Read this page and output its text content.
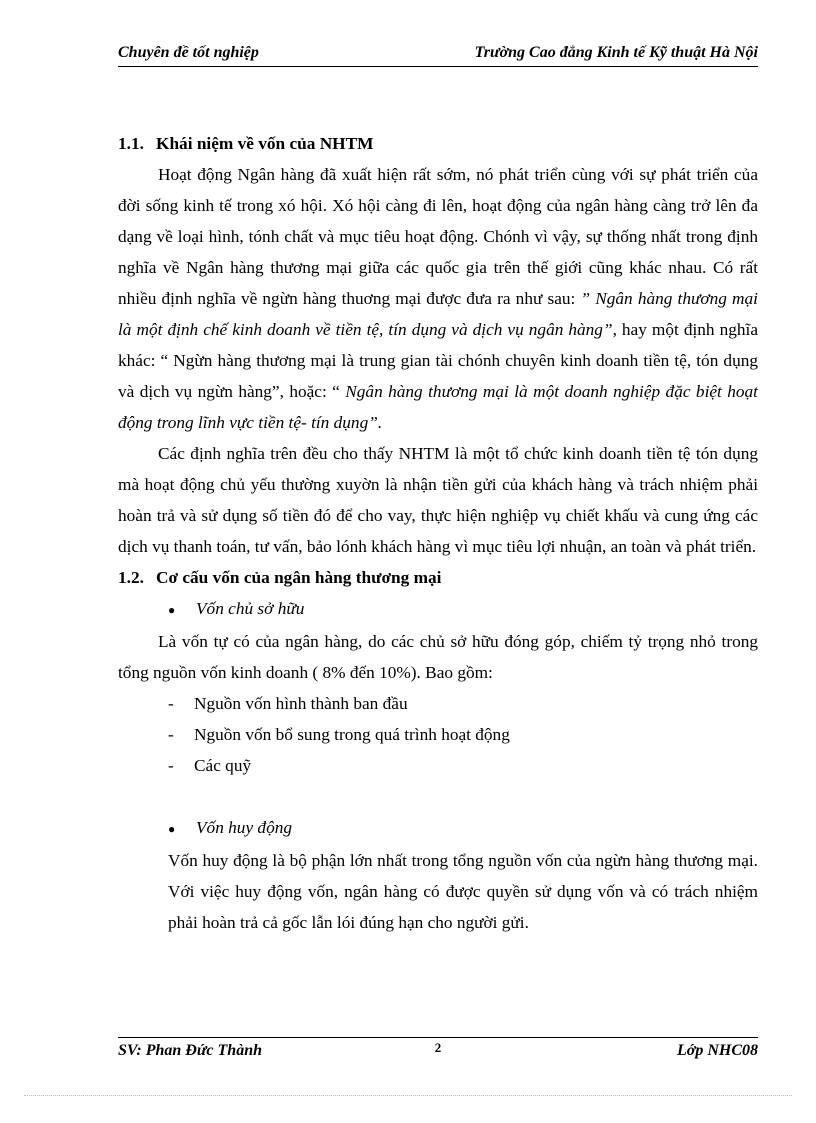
Chuyên đề tốt nghiệp	Trường Cao đẳng Kinh tế Kỹ thuật Hà Nội
1.1. Khái niệm về vốn của NHTM

Hoạt động Ngân hàng đã xuất hiện rất sớm, nó phát triển cùng với sự phát triển của đời sống kinh tế trong xó hội. Xó hội càng đi lên, hoạt động của ngân hàng càng trở lên đa dạng về loại hình, tónh chất và mục tiêu hoạt động. Chónh vì vậy, sự thống nhất trong định nghĩa về Ngân hàng thương mại giữa các quốc gia trên thế giới cũng khác nhau. Có rất nhiều định nghĩa về ngừn hàng thuơng mại được đưa ra như sau: ” Ngân hàng thương mại là một định chế kinh doanh về tiền tệ, tín dụng và dịch vụ ngân hàng”, hay một định nghĩa khác: “ Ngừn hàng thương mại là trung gian tài chónh chuyên kinh doanh tiền tệ, tón dụng và dịch vụ ngừn hàng”, hoặc: “ Ngân hàng thương mại là một doanh nghiệp đặc biệt hoạt động trong lĩnh vực tiền tệ- tín dụng”.

Các định nghĩa trên đều cho thấy NHTM là một tổ chức kinh doanh tiền tệ tón dụng mà hoạt động chủ yếu thường xuyờn là nhận tiền gửi của khách hàng và trách nhiệm phải hoàn trả và sử dụng số tiền đó để cho vay, thực hiện nghiệp vụ chiết khấu và cung ứng các dịch vụ thanh toán, tư vấn, bảo lónh khách hàng vì mục tiêu lợi nhuận, an toàn và phát triển.

1.2. Cơ cấu vốn của ngân hàng thương mại
●	Vốn chủ sở hữu

Là vốn tự có của ngân hàng, do các chủ sở hữu đóng góp, chiếm tỷ trọng nhỏ trong tổng nguồn vốn kinh doanh ( 8% đến 10%). Bao gồm:

-	Nguồn vốn hình thành ban đầu
-	Nguồn vốn bổ sung trong quá trình hoạt động
-	Các quỹ
●	Vốn huy động

Vốn huy động là bộ phận lớn nhất trong tổng nguồn vốn của ngừn hàng thương mại. Với việc huy động vốn, ngân hàng có được quyền sử dụng vốn và có trách nhiệm phải hoàn trả cả gốc lẫn lói đúng hạn cho người gửi.

SV: Phan Đức Thành	2	Lớp NHC08
